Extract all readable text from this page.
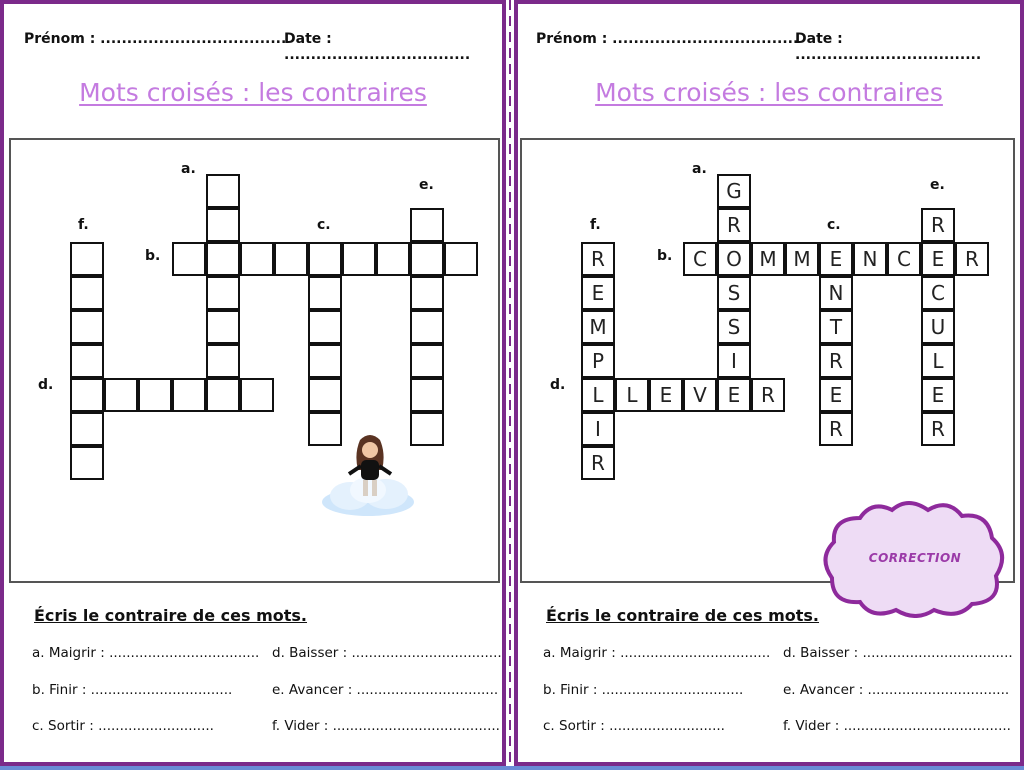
Prénom : ...................................
Date : ...................................
Mots croisés : les contraires
a.
b.
c.
d.
e.
f.
Écris le contraire de ces mots.
a. Maigrir : ...................................
b. Finir : .................................
c. Sortir : ...........................
d. Baisser : ...................................
e. Avancer : .................................
f. Vider : .......................................
Prénom : ...................................
Date : ...................................
Mots croisés : les contraires
a.
b.
c.
d.
e.
f.
G
R
O
S
S
I
E
C	M M E	N C	E	R
N
T
R
E
R
L	E	V	R
R
C
U
L
E
R
R
E
M
P
L
I
R
Écris le contraire de ces mots.
a. Maigrir : ...................................
b. Finir : .................................
c. Sortir : ...........................
d. Baisser : ...................................
e. Avancer : .................................
f. Vider : .......................................
CORRECTION
